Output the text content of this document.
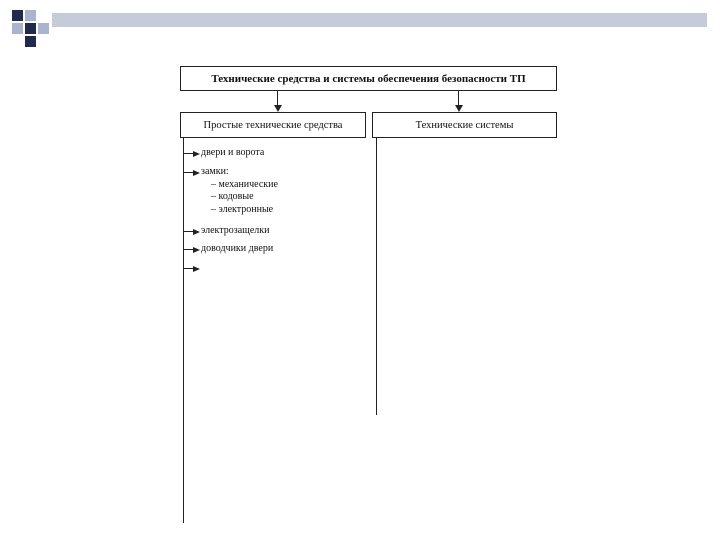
Технические средства и системы обеспечения безопасности ТП
Простые технические средства	Технические системы
двери и ворота
замки:
– механические
– кодовые
– электронные
электрозащелки
доводчики двери
